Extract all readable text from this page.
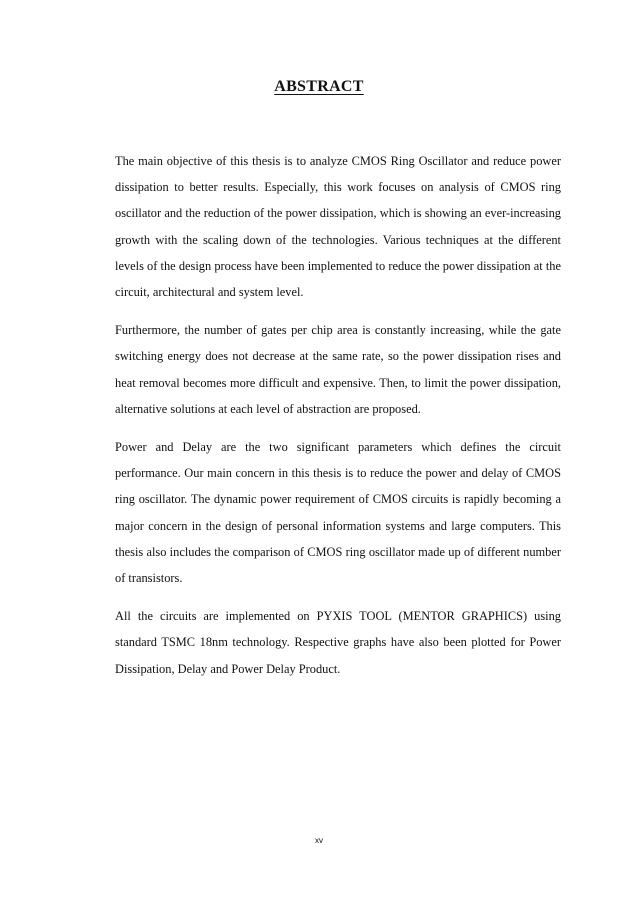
ABSTRACT

The main objective of this thesis is to analyze CMOS Ring Oscillator and reduce power dissipation to better results. Especially, this work focuses on analysis of CMOS ring oscillator and the reduction of the power dissipation, which is showing an ever-increasing growth with the scaling down of the technologies. Various techniques at the different levels of the design process have been implemented to reduce the power dissipation at the circuit, architectural and system level.

Furthermore, the number of gates per chip area is constantly increasing, while the gate switching energy does not decrease at the same rate, so the power dissipation rises and heat removal becomes more difficult and expensive. Then, to limit the power dissipation, alternative solutions at each level of abstraction are proposed.

Power and Delay are the two significant parameters which defines the circuit performance. Our main concern in this thesis is to reduce the power and delay of CMOS ring oscillator. The dynamic power requirement of CMOS circuits is rapidly becoming a major concern in the design of personal information systems and large computers. This thesis also includes the comparison of CMOS ring oscillator made up of different number of transistors.

All the circuits are implemented on PYXIS TOOL (MENTOR GRAPHICS) using standard TSMC 18nm technology. Respective graphs have also been plotted for Power Dissipation, Delay and Power Delay Product.

xv
